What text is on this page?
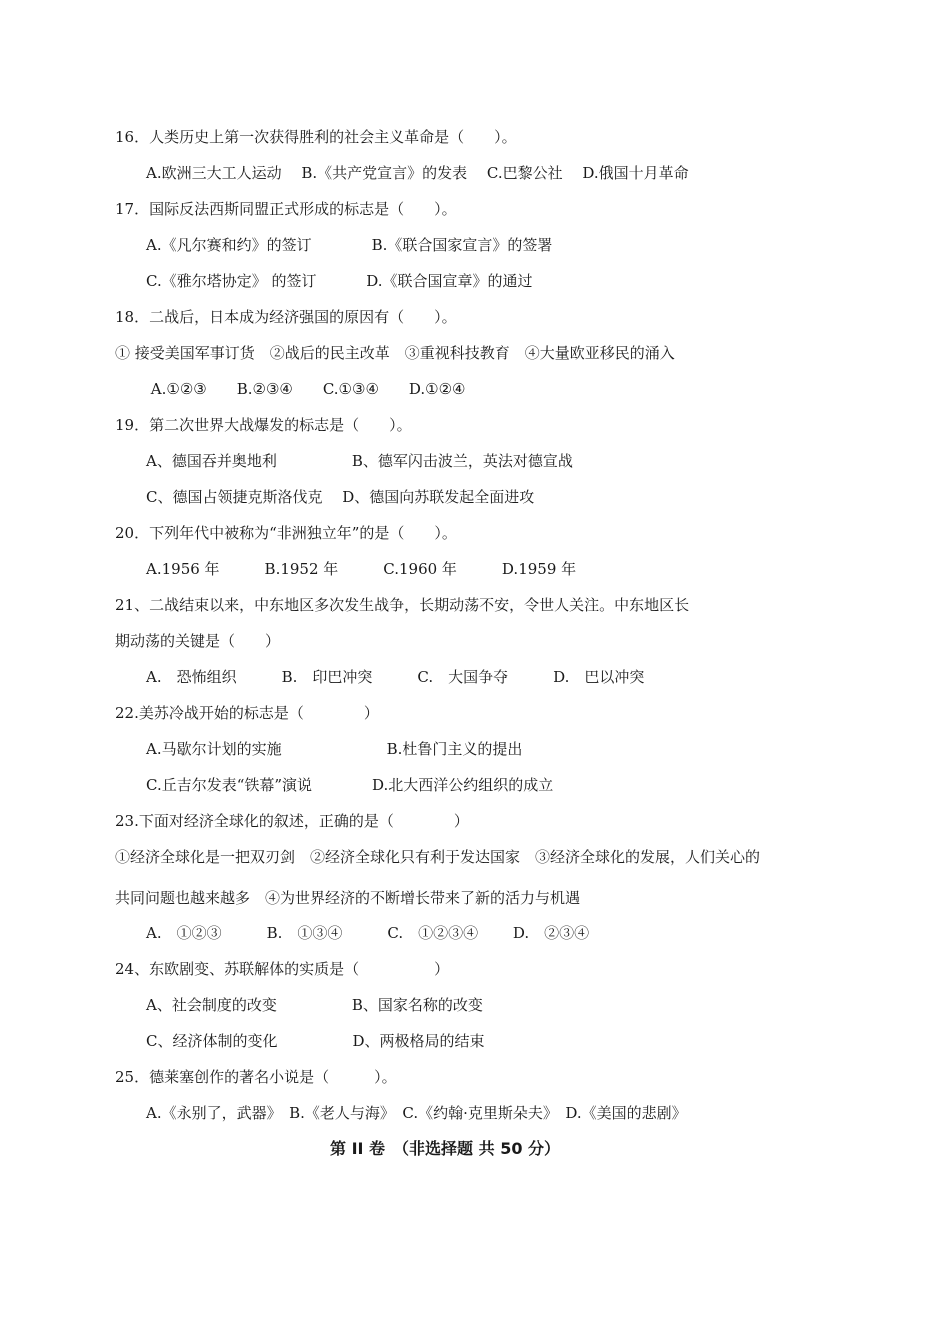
16．人类历史上第一次获得胜利的社会主义革命是（　　）。
A.欧洲三大工人运动　 B.《共产党宣言》的发表　 C.巴黎公社　 D.俄国十月革命
17．国际反法西斯同盟正式形成的标志是（　　）。
A.《凡尔赛和约》的签订　　　　B.《联合国家宣言》的签署
C.《雅尔塔协定》 的签订　　　 D.《联合国宣章》的通过
18．二战后，日本成为经济强国的原因有（　　）。
① 接受美国军事订货　②战后的民主改革　③重视科技教育　④大量欧亚移民的涌入
A.①②③　　B.②③④　　C.①③④　　D.①②④
19．第二次世界大战爆发的标志是（　　）。
A、德国吞并奥地利　　　　　B、德军闪击波兰，英法对德宣战
C、德国占领捷克斯洛伐克　 D、德国向苏联发起全面进攻
20．下列年代中被称为“非洲独立年”的是（　　）。
A.1956 年　　　B.1952 年　　　C.1960 年　　　D.1959 年
21、二战结束以来，中东地区多次发生战争，长期动荡不安，令世人关注。中东地区长
期动荡的关键是（　　）
A.　恐怖组织　　　B.　印巴冲突　　　C.　大国争夺　　　D.　巴以冲突
22.美苏冷战开始的标志是（　　　　）
A.马歇尔计划的实施　　　　　　　B.杜鲁门主义的提出
C.丘吉尔发表“铁幕”演说　　　　D.北大西洋公约组织的成立
23.下面对经济全球化的叙述，正确的是（　　　　）
①经济全球化是一把双刃剑　②经济全球化只有利于发达国家　③经济全球化的发展，人们关心的
共同问题也越来越多　④为世界经济的不断增长带来了新的活力与机遇
A.　①②③　　　B.　①③④　　　C.　①②③④　　 D.　②③④
24、东欧剧变、苏联解体的实质是（　　　　　）
A、社会制度的改变　　　　　B、国家名称的改变
C、经济体制的变化　　　　　D、两极格局的结束
25．德莱塞创作的著名小说是（　　　）。
A.《永别了，武器》　B.《老人与海》　C.《约翰·克里斯朵夫》　D.《美国的悲剧》
第 II 卷　（非选择题 共 50 分）
